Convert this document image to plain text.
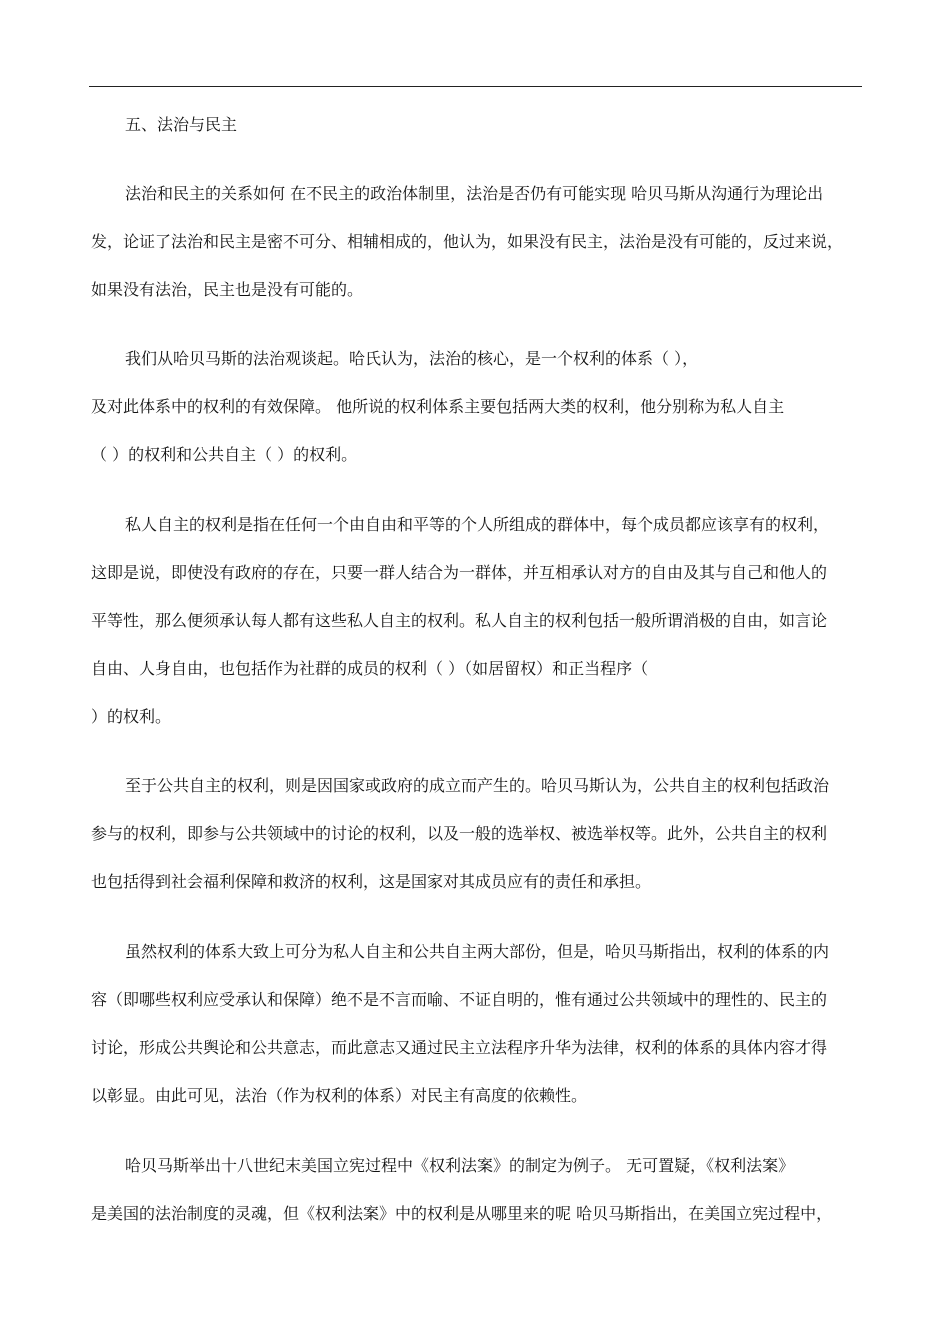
五、法治与民主
法治和民主的关系如何 在不民主的政治体制里，法治是否仍有可能实现 哈贝马斯从沟通行为理论出
发，论证了法治和民主是密不可分、相辅相成的，他认为，如果没有民主，法治是没有可能的，反过来说，
如果没有法治，民主也是没有可能的。
我们从哈贝马斯的法治观谈起。哈氏认为，法治的核心，是一个权利的体系（ ），
及对此体系中的权利的有效保障。 他所说的权利体系主要包括两大类的权利，他分别称为私人自主
（ ）的权利和公共自主（ ）的权利。
私人自主的权利是指在任何一个由自由和平等的个人所组成的群体中，每个成员都应该享有的权利，
这即是说，即使没有政府的存在，只要一群人结合为一群体，并互相承认对方的自由及其与自己和他人的
平等性，那么便须承认每人都有这些私人自主的权利。私人自主的权利包括一般所谓消极的自由，如言论
自由、人身自由，也包括作为社群的成员的权利（ ）（如居留权）和正当程序（
）的权利。
至于公共自主的权利，则是因国家或政府的成立而产生的。哈贝马斯认为，公共自主的权利包括政治
参与的权利，即参与公共领域中的讨论的权利，以及一般的选举权、被选举权等。此外，公共自主的权利
也包括得到社会福利保障和救济的权利，这是国家对其成员应有的责任和承担。
虽然权利的体系大致上可分为私人自主和公共自主两大部份，但是，哈贝马斯指出，权利的体系的内
容（即哪些权利应受承认和保障）绝不是不言而喻、不证自明的，惟有通过公共领域中的理性的、民主的
讨论，形成公共舆论和公共意志，而此意志又通过民主立法程序升华为法律，权利的体系的具体内容才得
以彰显。由此可见，法治（作为权利的体系）对民主有高度的依赖性。
哈贝马斯举出十八世纪末美国立宪过程中《权利法案》的制定为例子。 无可置疑，《权利法案》
是美国的法治制度的灵魂，但《权利法案》中的权利是从哪里来的呢 哈贝马斯指出，在美国立宪过程中，
